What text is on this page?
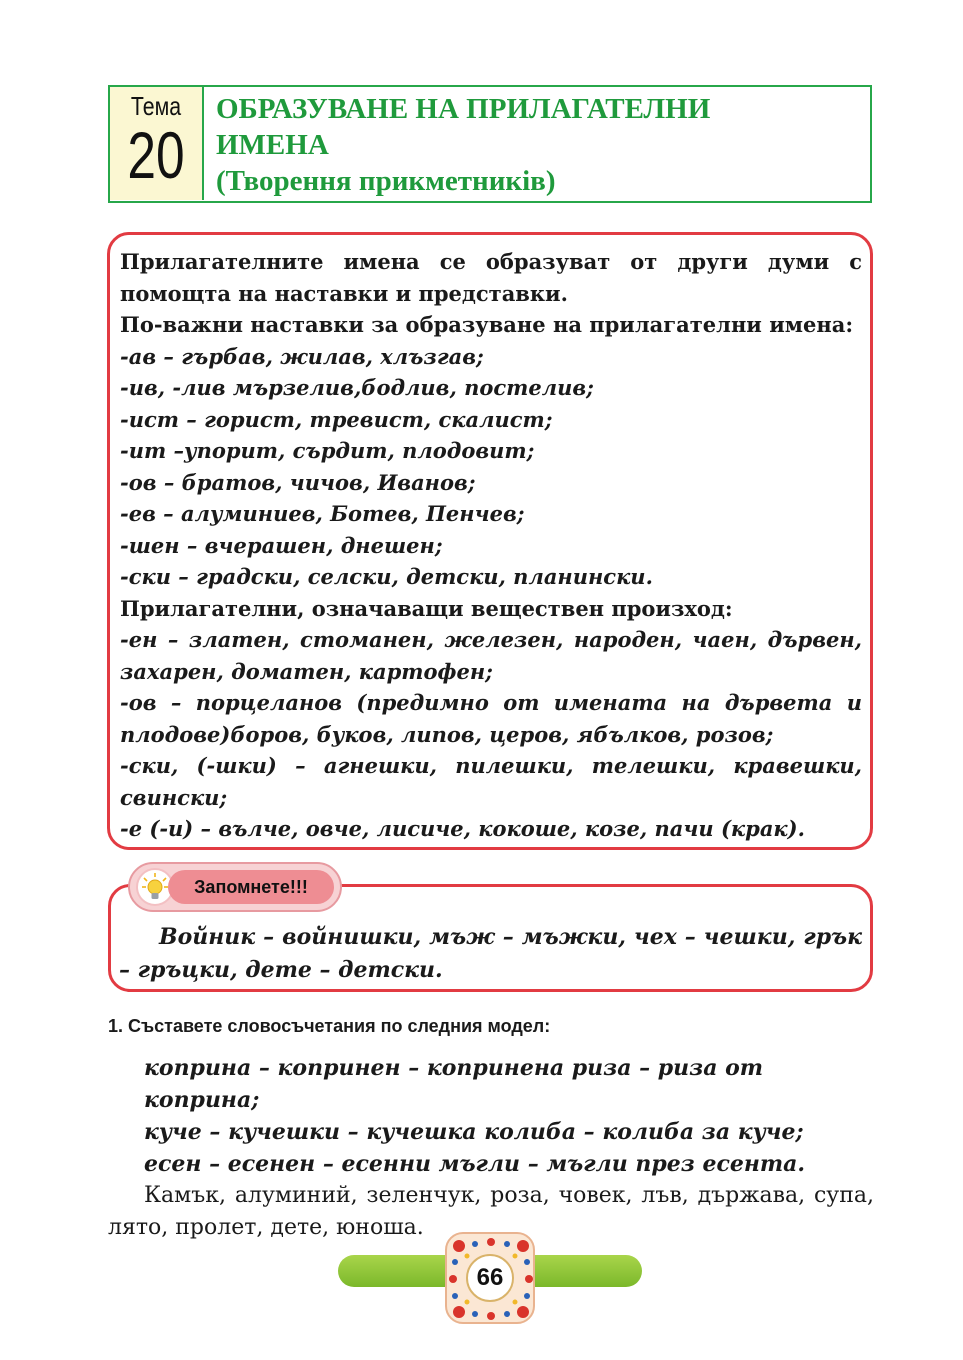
Тема
20
ОБРАЗУВАНЕ НА ПРИЛАГАТЕЛНИ
ИМЕНА
(Творення прикметників)

Прилагателните имена се образуват от други думи с помощта на наставки и представки.

По-важни наставки за образуване на прилагателни имена:

-ав – гърбав, жилав, хлъзгав;

-ив, -лив мързелив,бодлив, постелив;

-ист – горист, тревист, скалист;

-ит –упорит, сърдит, плодовит;

-ов – братов, чичов, Иванов;

-ев – алуминиев, Ботев, Пенчев;

-шен – вчерашен, днешен;

-ски – градски, селски, детски, планински.

Прилагателни, означаващи веществен произход:

-ен – златен, стоманен, железен, народен, чаен, дървен, захарен, доматен, картофен;

-ов – порцеланов (предимно от имената на дървета и плодове)боров, буков, липов, церов, ябълков, розов;

-ски, (-шки) – агнешки, пилешки, телешки, кравешки, свински;

-е (-и) – вълче, овче, лисиче, кокоше, козе, пачи (крак).

Войник – войнишки, мъж – мъжки, чех – чешки, грък – гръцки, дете – детски.

Запомнете!!!
1. Съставете словосъчетания по следния модел:
коприна – копринен – копринена риза – риза от коприна;
куче – кучешки – кучешка колиба – колиба за куче;
есен – есенен – есенни мъгли – мъгли през есента.

Камък, алуминий, зеленчук, роза, човек, лъв, държава, супа, лято, пролет, дете, юноша.

66
